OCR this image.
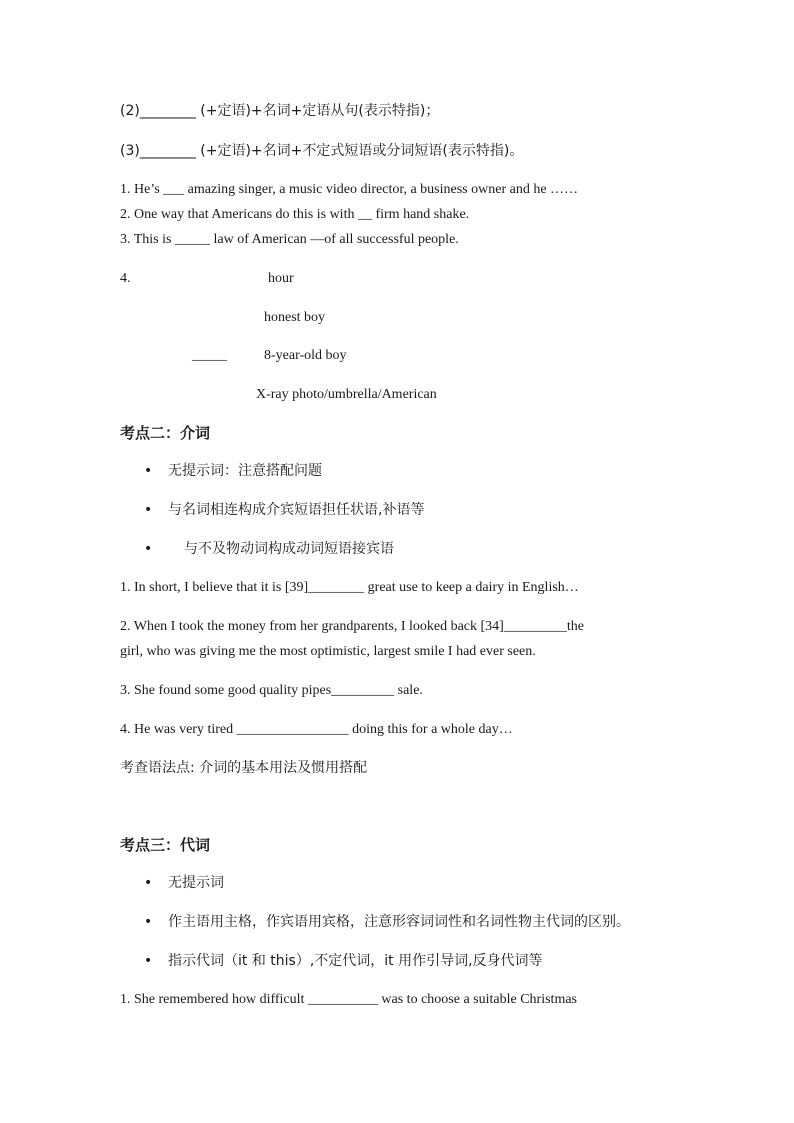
(2)________ (+定语)+名词+定语从句(表示特指)；
(3)________ (+定语)+名词+不定式短语或分词短语(表示特指)。
1. He’s ___ amazing singer, a music video director, a business owner and he ……
2. One way that Americans do this is with __ firm hand shake.
3. This is _____ law of American —of all successful people.
4.	hour
honest boy
_____	8-year-old boy
X-ray photo/umbrella/American
考点二：介词
• 无提示词：注意搭配问题
• 与名词相连构成介宾短语担任状语,补语等
• 与不及物动词构成动词短语接宾语
1. In short, I believe that it is [39]________ great use to keep a dairy in English…
2. When I took the money from her grandparents, I looked back [34]_________the
girl, who was giving me the most optimistic, largest smile I had ever seen.
3. She found some good quality pipes_________ sale.
4. He was very tired ________________ doing this for a whole day…
考查语法点: 介词的基本用法及惯用搭配
考点三：代词
• 无提示词
• 作主语用主格，作宾语用宾格，注意形容词词性和名词性物主代词的区别。
• 指示代词（it 和 this）,不定代词，it 用作引导词,反身代词等
1. She remembered how difficult __________ was to choose a suitable Christmas
